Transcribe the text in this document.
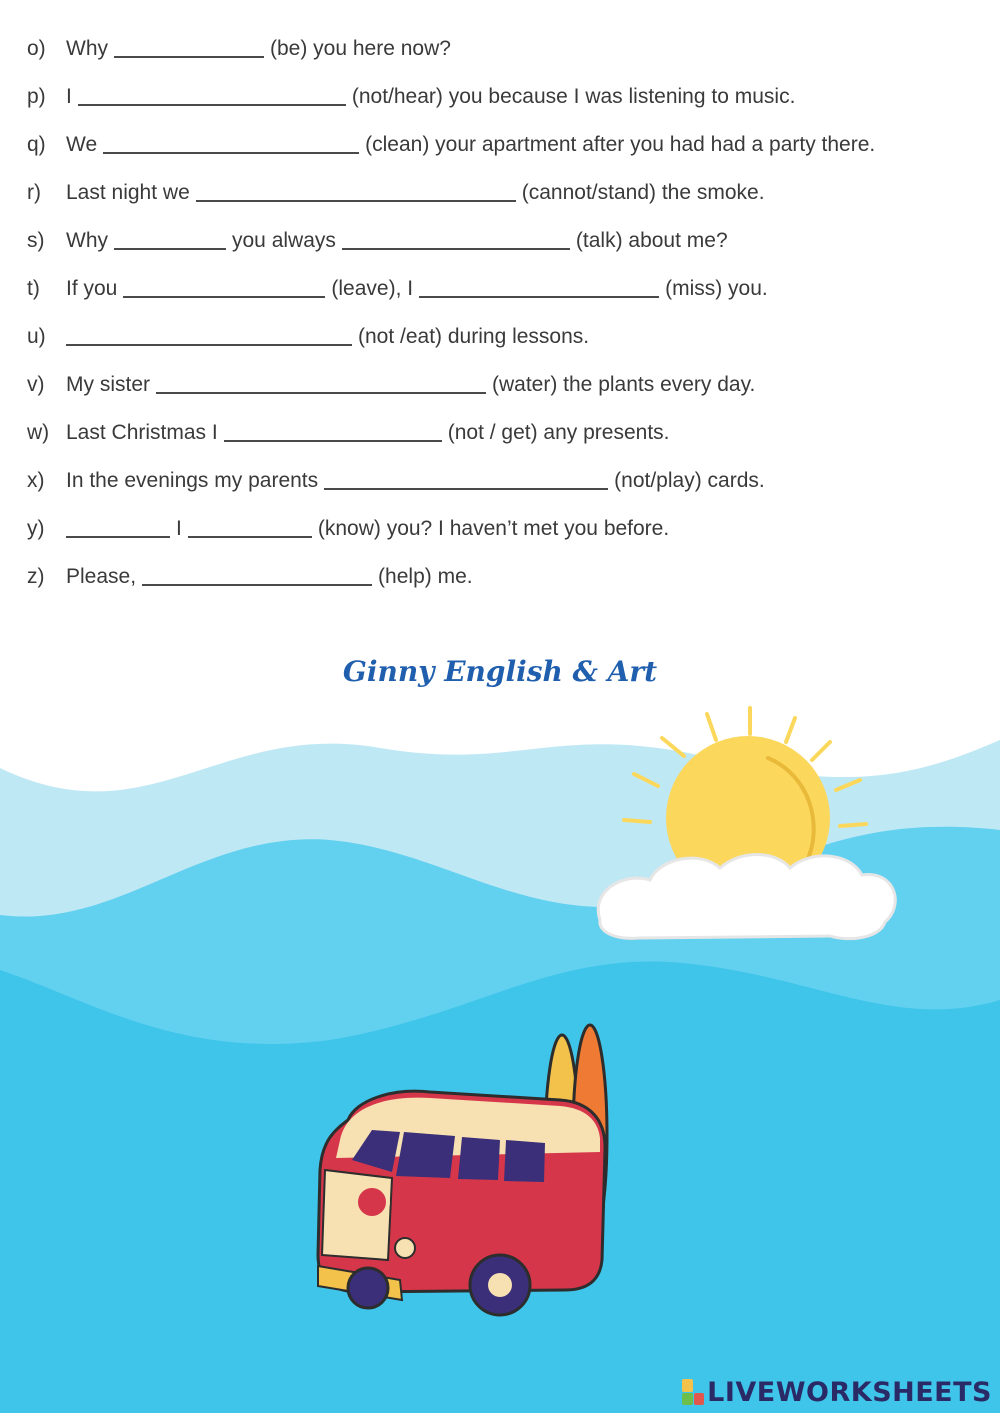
o) Why	(be) you here now?
p) I	(not/hear) you because I was listening to music.
q) We	(clean) your apartment after you had had a party there.
r) Last night we	(cannot/stand) the smoke.
s) Why	you always	(talk) about me?
t) If you	(leave), I	(miss) you.
u)	(not /eat) during lessons.
v) My sister	(water) the plants every day.
w) Last Christmas I	(not / get) any presents.
x) In the evenings my parents	(not/play) cards.
y)	I	(know) you? I haven’t met you before.
z) Please,	(help) me.
Ginny English & Art
LIVEWORKSHEETS
